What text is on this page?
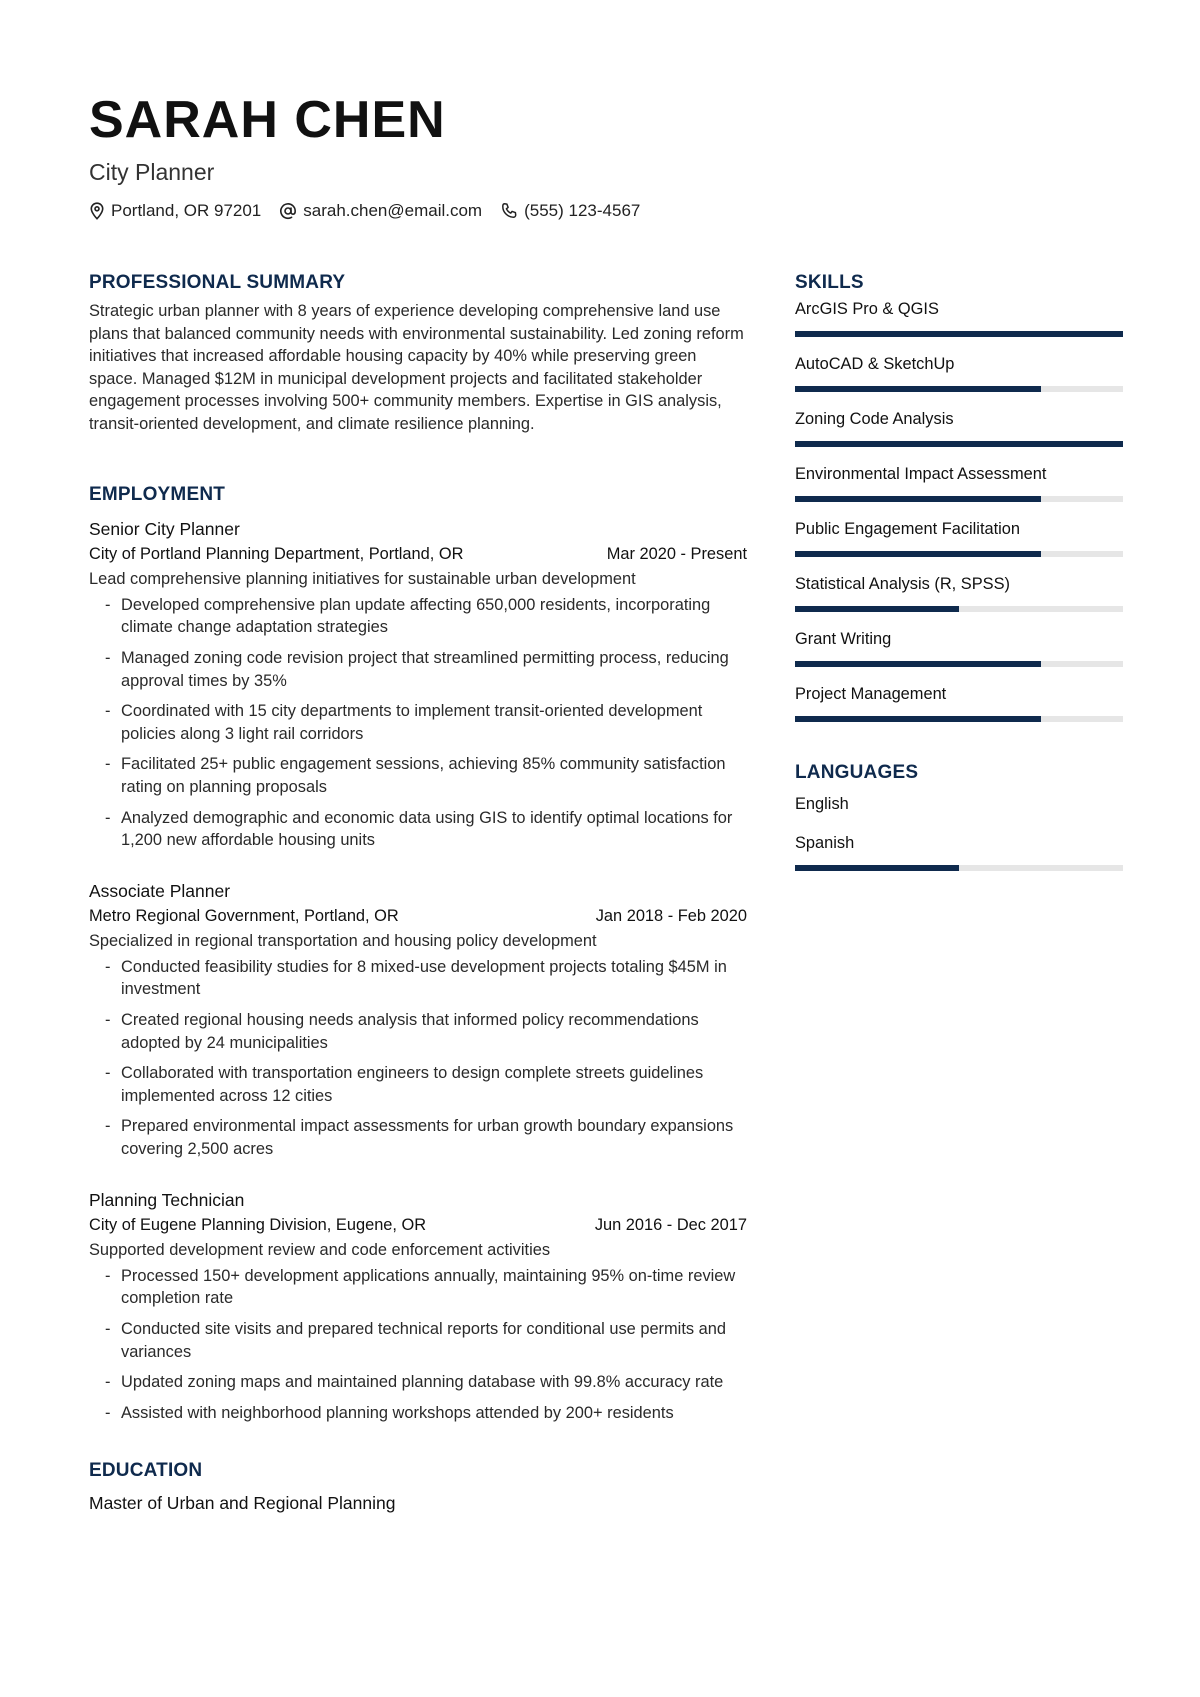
SARAH CHEN
City Planner
Portland, OR 97201 sarah.chen@email.com (555) 123-4567
PROFESSIONAL SUMMARY
Strategic urban planner with 8 years of experience developing comprehensive land use plans that balanced community needs with environmental sustainability. Led zoning reform initiatives that increased affordable housing capacity by 40% while preserving green space. Managed $12M in municipal development projects and facilitated stakeholder engagement processes involving 500+ community members. Expertise in GIS analysis, transit-oriented development, and climate resilience planning.
EMPLOYMENT
Senior City Planner
City of Portland Planning Department, Portland, OR	Mar 2020 - Present
Lead comprehensive planning initiatives for sustainable urban development
- Developed comprehensive plan update affecting 650,000 residents, incorporating climate change adaptation strategies
- Managed zoning code revision project that streamlined permitting process, reducing approval times by 35%
- Coordinated with 15 city departments to implement transit-oriented development policies along 3 light rail corridors
- Facilitated 25+ public engagement sessions, achieving 85% community satisfaction rating on planning proposals
- Analyzed demographic and economic data using GIS to identify optimal locations for 1,200 new affordable housing units
Associate Planner
Metro Regional Government, Portland, OR	Jan 2018 - Feb 2020
Specialized in regional transportation and housing policy development
- Conducted feasibility studies for 8 mixed-use development projects totaling $45M in investment
- Created regional housing needs analysis that informed policy recommendations adopted by 24 municipalities
- Collaborated with transportation engineers to design complete streets guidelines implemented across 12 cities
- Prepared environmental impact assessments for urban growth boundary expansions covering 2,500 acres
Planning Technician
City of Eugene Planning Division, Eugene, OR	Jun 2016 - Dec 2017
Supported development review and code enforcement activities
- Processed 150+ development applications annually, maintaining 95% on-time review completion rate
- Conducted site visits and prepared technical reports for conditional use permits and variances
- Updated zoning maps and maintained planning database with 99.8% accuracy rate
- Assisted with neighborhood planning workshops attended by 200+ residents
EDUCATION
Master of Urban and Regional Planning
SKILLS
ArcGIS Pro & QGIS
AutoCAD & SketchUp
Zoning Code Analysis
Environmental Impact Assessment
Public Engagement Facilitation
Statistical Analysis (R, SPSS)
Grant Writing
Project Management
LANGUAGES
English
Spanish
